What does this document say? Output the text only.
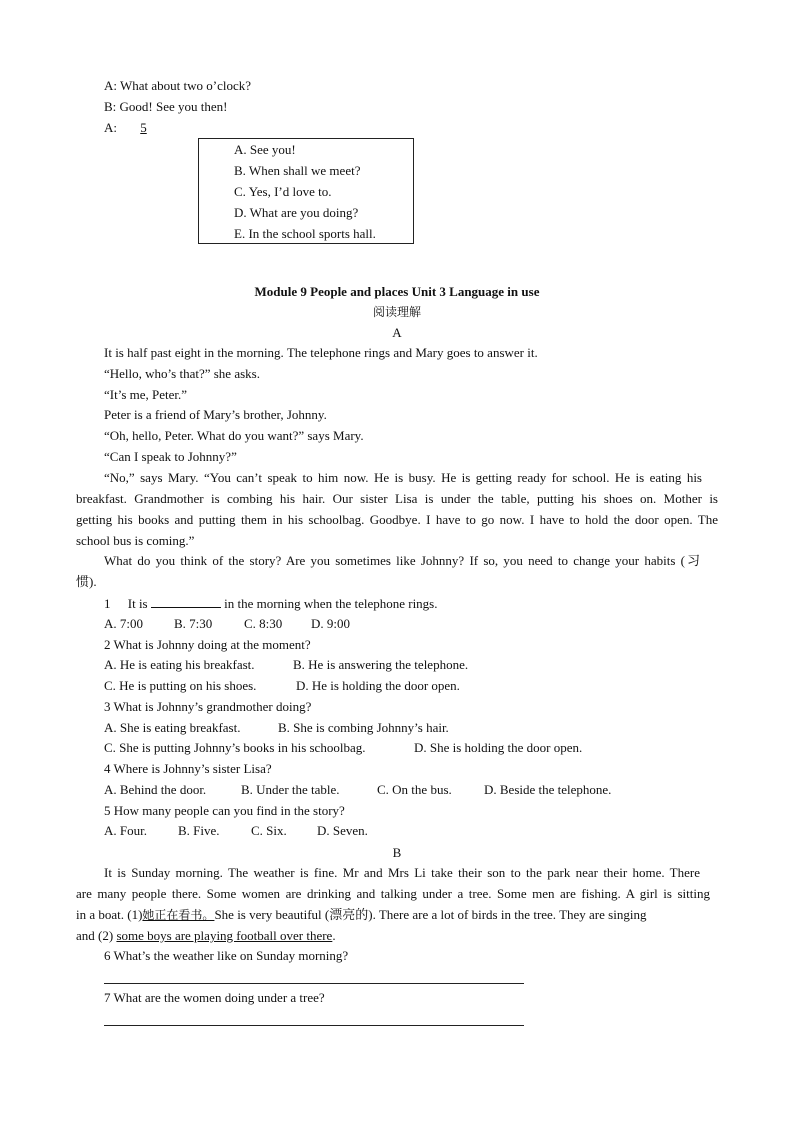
A: What about two o’clock?
B: Good! See you then!
A: 5
A. See you!
B. When shall we meet?
C. Yes, I’d love to.
D. What are you doing?
E. In the school sports hall.
Module 9 People and places Unit 3 Language in use
阅读理解
A
It is half past eight in the morning. The telephone rings and Mary goes to answer it.
“Hello, who’s that?” she asks.
“It’s me, Peter.”
Peter is a friend of Mary’s brother, Johnny.
“Oh, hello, Peter. What do you want?” says Mary.
“Can I speak to Johnny?”
“No,” says Mary. “You can’t speak to him now. He is busy. He is getting ready for school. He is eating his
breakfast. Grandmother is combing his hair. Our sister Lisa is under the table, putting his shoes on. Mother is
getting his books and putting them in his schoolbag. Goodbye. I have to go now. I have to hold the door open. The
school bus is coming.”
What do you think of the story? Are you sometimes like Johnny? If so, you need to change your habits (习
惯).
1 It is	in the morning when the telephone rings.
A. 7:00 B. 7:30 C. 8:30 D. 9:00
2 What is Johnny doing at the moment?
A. He is eating his breakfast.	B. He is answering the telephone.
C. He is putting on his shoes.	D. He is holding the door open.
3 What is Johnny’s grandmother doing?
A. She is eating breakfast.	B. She is combing Johnny’s hair.
C. She is putting Johnny’s books in his schoolbag.	D. She is holding the door open.
4 Where is Johnny’s sister Lisa?
A. Behind the door.	B. Under the table.	C. On the bus. D. Beside the telephone.
5 How many people can you find in the story?
A. Four. B. Five. C. Six. D. Seven.
B
It is Sunday morning. The weather is fine. Mr and Mrs Li take their son to the park near their home. There
are many people there. Some women are drinking and talking under a tree. Some men are fishing. A girl is sitting
in a boat. (1)她正在看书。She is very beautiful (漂亮的). There are a lot of birds in the tree. They are singing
and (2) some boys are playing football over there.
6 What’s the weather like on Sunday morning?
7 What are the women doing under a tree?
